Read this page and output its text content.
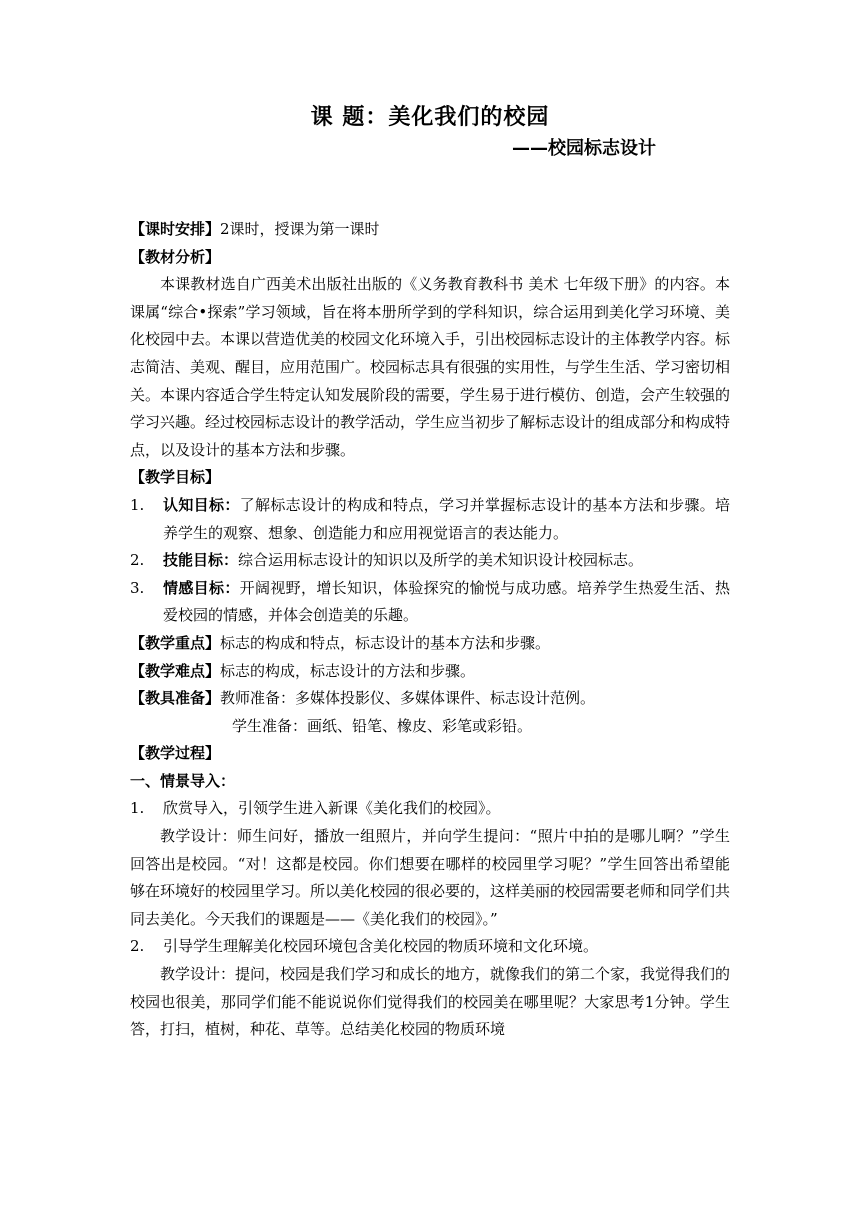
课 题：美化我们的校园
——校园标志设计
【课时安排】2课时，授课为第一课时
【教材分析】
本课教材选自广西美术出版社出版的《义务教育教科书 美术 七年级下册》的内容。本课属“综合•探索”学习领域，旨在将本册所学到的学科知识，综合运用到美化学习环境、美化校园中去。本课以营造优美的校园文化环境入手，引出校园标志设计的主体教学内容。标志简洁、美观、醒目，应用范围广。校园标志具有很强的实用性，与学生生活、学习密切相关。本课内容适合学生特定认知发展阶段的需要，学生易于进行模仿、创造，会产生较强的学习兴趣。经过校园标志设计的教学活动，学生应当初步了解标志设计的组成部分和构成特点，以及设计的基本方法和步骤。
【教学目标】
1. 认知目标：了解标志设计的构成和特点，学习并掌握标志设计的基本方法和步骤。培养学生的观察、想象、创造能力和应用视觉语言的表达能力。
2. 技能目标：综合运用标志设计的知识以及所学的美术知识设计校园标志。
3. 情感目标：开阔视野，增长知识，体验探究的愉悦与成功感。培养学生热爱生活、热爱校园的情感，并体会创造美的乐趣。
【教学重点】标志的构成和特点，标志设计的基本方法和步骤。
【教学难点】标志的构成，标志设计的方法和步骤。
【教具准备】教师准备：多媒体投影仪、多媒体课件、标志设计范例。
学生准备：画纸、铅笔、橡皮、彩笔或彩铅。
【教学过程】
一、情景导入：
1. 欣赏导入，引领学生进入新课《美化我们的校园》。
教学设计：师生问好，播放一组照片，并向学生提问：“照片中拍的是哪儿啊？”学生回答出是校园。“对！这都是校园。你们想要在哪样的校园里学习呢？”学生回答出希望能够在环境好的校园里学习。所以美化校园的很必要的，这样美丽的校园需要老师和同学们共同去美化。今天我们的课题是——《美化我们的校园》。”
2. 引导学生理解美化校园环境包含美化校园的物质环境和文化环境。
教学设计：提问，校园是我们学习和成长的地方，就像我们的第二个家，我觉得我们的校园也很美，那同学们能不能说说你们觉得我们的校园美在哪里呢？大家思考1分钟。学生答，打扫，植树，种花、草等。总结美化校园的物质环境
